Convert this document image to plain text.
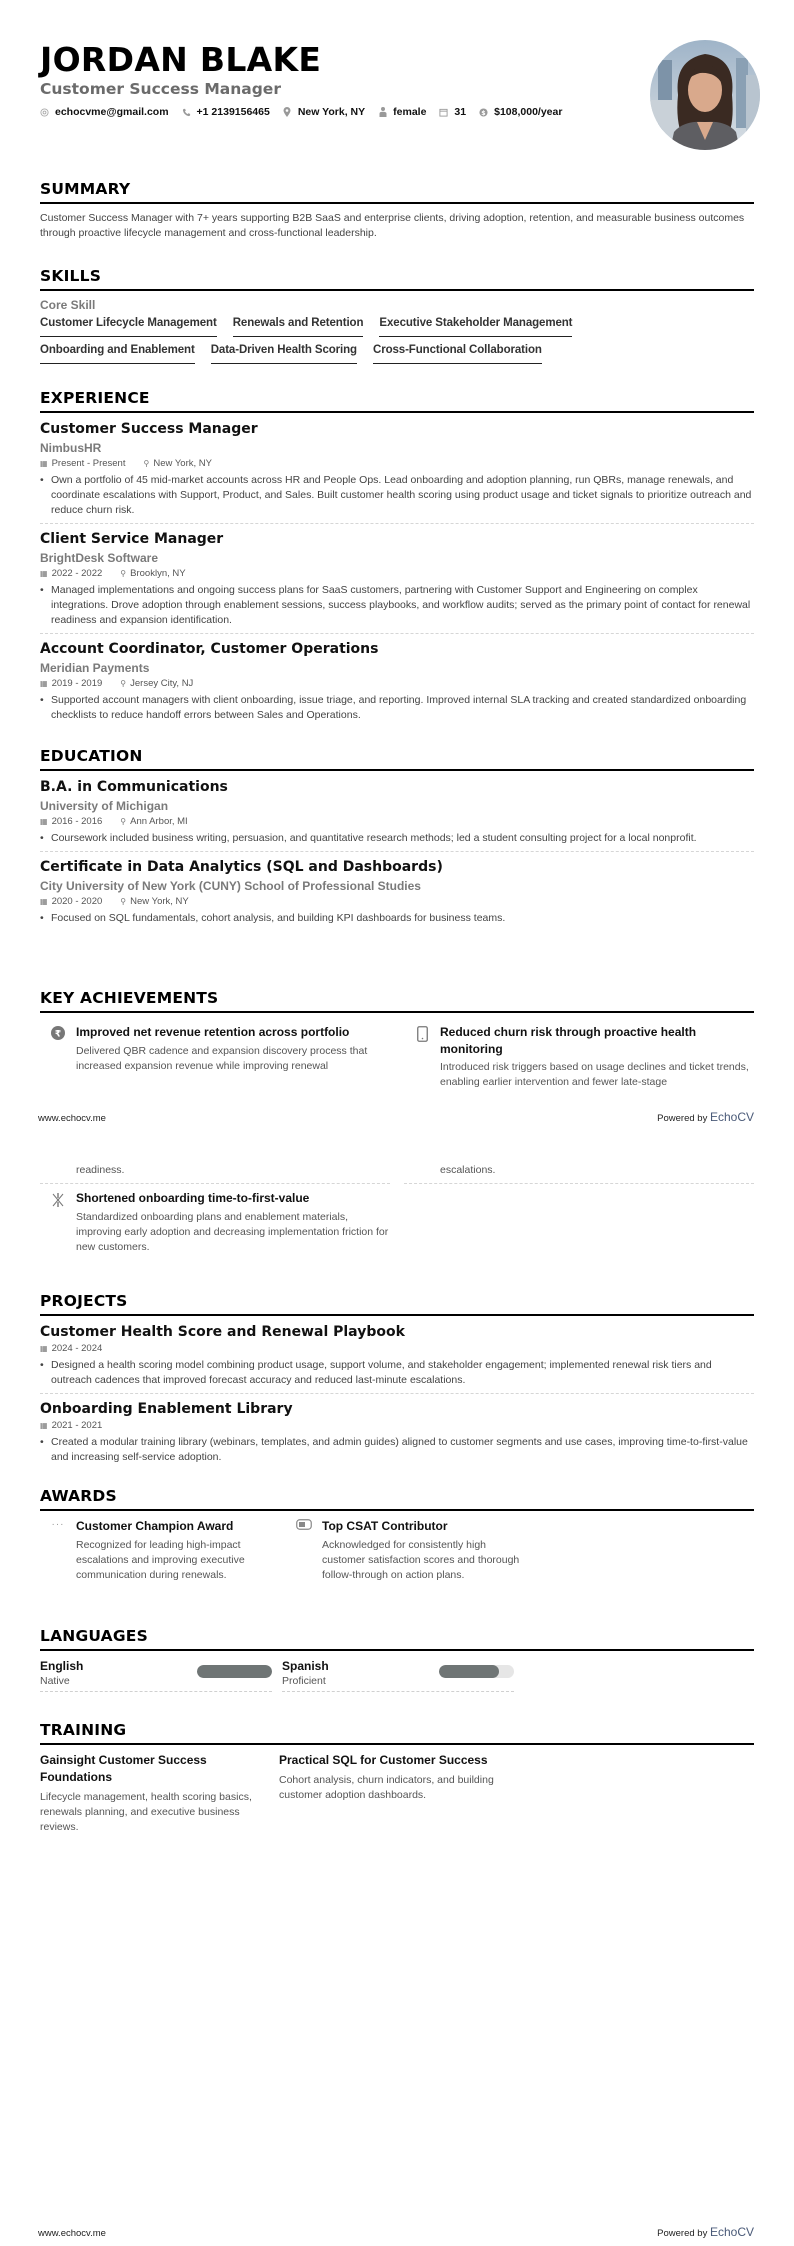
JORDAN BLAKE
Customer Success Manager
echocvme@gmail.com	+1 2139156465	New York, NY	female	31 $ $108,000/year
SUMMARY
Customer Success Manager with 7+ years supporting B2B SaaS and enterprise clients, driving adoption, retention, and measurable business outcomes through proactive lifecycle management and cross-functional leadership.
SKILLS
Core Skill
Customer Lifecycle Management Renewals and Retention Executive Stakeholder Management
Onboarding and Enablement Data-Driven Health Scoring Cross-Functional Collaboration
EXPERIENCE
Customer Success Manager
NimbusHR
▦ Present - Present ⚲ New York, NY
• Own a portfolio of 45 mid-market accounts across HR and People Ops. Lead onboarding and adoption planning, run QBRs, manage renewals, and coordinate escalations with Support, Product, and Sales. Built customer health scoring using product usage and ticket signals to prioritize outreach and reduce churn risk.
Client Service Manager
BrightDesk Software
▦ 2022 - 2022 ⚲ Brooklyn, NY
• Managed implementations and ongoing success plans for SaaS customers, partnering with Customer Support and Engineering on complex integrations. Drove adoption through enablement sessions, success playbooks, and workflow audits; served as the primary point of contact for renewal readiness and expansion identification.
Account Coordinator, Customer Operations
Meridian Payments
▦ 2019 - 2019 ⚲ Jersey City, NJ
• Supported account managers with client onboarding, issue triage, and reporting. Improved internal SLA tracking and created standardized onboarding checklists to reduce handoff errors between Sales and Operations.
EDUCATION
B.A. in Communications
University of Michigan
▦ 2016 - 2016 ⚲ Ann Arbor, MI
• Coursework included business writing, persuasion, and quantitative research methods; led a student consulting project for a local nonprofit.
Certificate in Data Analytics (SQL and Dashboards)
City University of New York (CUNY) School of Professional Studies
▦ 2020 - 2020 ⚲ New York, NY
• Focused on SQL fundamentals, cohort analysis, and building KPI dashboards for business teams.
KEY ACHIEVEMENTS
₹ Improved net revenue retention across portfolio
Delivered QBR cadence and expansion discovery process that increased expansion revenue while improving renewal
Reduced churn risk through proactive health monitoring
Introduced risk triggers based on usage declines and ticket trends, enabling earlier intervention and fewer late-stage
www.echocv.me	Powered by EchoCV
readiness.	escalations.
Shortened onboarding time-to-first-value
Standardized onboarding plans and enablement materials, improving early adoption and decreasing implementation friction for new customers.
PROJECTS
Customer Health Score and Renewal Playbook
▦ 2024 - 2024
• Designed a health scoring model combining product usage, support volume, and stakeholder engagement; implemented renewal risk tiers and outreach cadences that improved forecast accuracy and reduced last-minute escalations.
Onboarding Enablement Library
▦ 2021 - 2021
• Created a modular training library (webinars, templates, and admin guides) aligned to customer segments and use cases, improving time-to-first-value and increasing self-service adoption.
AWARDS
··· Customer Champion Award
Recognized for leading high-impact escalations and improving executive communication during renewals.
Top CSAT Contributor
Acknowledged for consistently high customer satisfaction scores and thorough follow-through on action plans.
LANGUAGES
English
Native
Spanish
Proficient
TRAINING
Gainsight Customer Success Foundations
Lifecycle management, health scoring basics, renewals planning, and executive business reviews.
Practical SQL for Customer Success
Cohort analysis, churn indicators, and building customer adoption dashboards.
www.echocv.me	Powered by EchoCV
